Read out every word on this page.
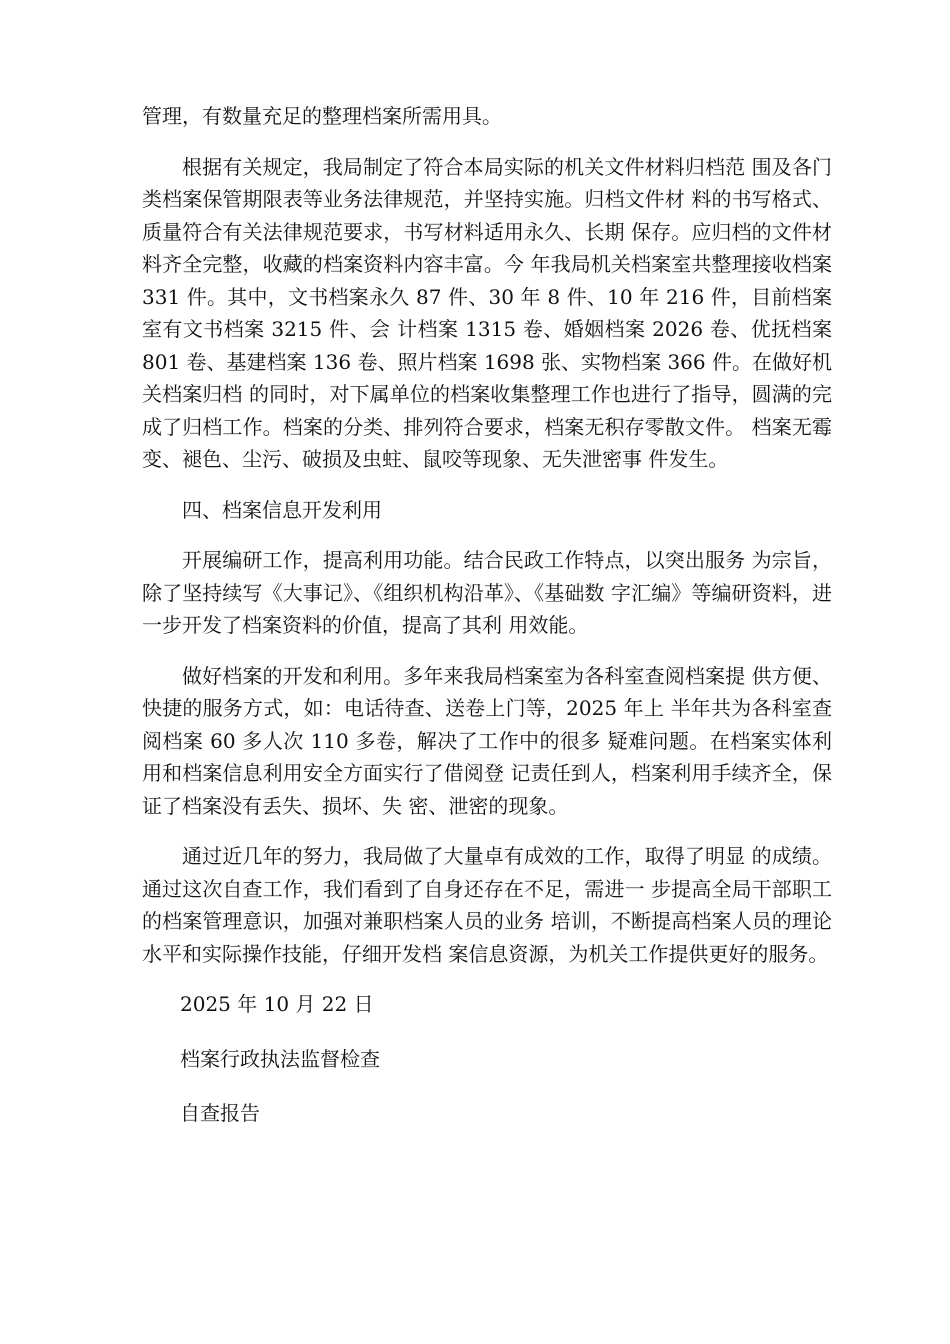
管理，有数量充足的整理档案所需用具。

根据有关规定，我局制定了符合本局实际的机关文件材料归档范 围及各门类档案保管期限表等业务法律规范，并坚持实施。归档文件材 料的书写格式、质量符合有关法律规范要求，书写材料适用永久、长期 保存。应归档的文件材料齐全完整，收藏的档案资料内容丰富。今 年我局机关档案室共整理接收档案 331 件。其中，文书档案永久 87 件、30 年 8 件、10 年 216 件，目前档案室有文书档案 3215 件、会 计档案 1315 卷、婚姻档案 2026 卷、优抚档案 801 卷、基建档案 136 卷、照片档案 1698 张、实物档案 366 件。在做好机关档案归档 的同时，对下属单位的档案收集整理工作也进行了指导，圆满的完 成了归档工作。档案的分类、排列符合要求，档案无积存零散文件。 档案无霉变、褪色、尘污、破损及虫蛀、鼠咬等现象、无失泄密事 件发生。

四、档案信息开发利用

开展编研工作，提高利用功能。结合民政工作特点，以突出服务 为宗旨，除了坚持续写《大事记》、《组织机构沿革》、《基础数 字汇编》等编研资料，进一步开发了档案资料的价值，提高了其利 用效能。

做好档案的开发和利用。多年来我局档案室为各科室查阅档案提 供方便、快捷的服务方式，如：电话待查、送卷上门等，2025 年上 半年共为各科室查阅档案 60 多人次 110 多卷，解决了工作中的很多 疑难问题。在档案实体利用和档案信息利用安全方面实行了借阅登 记责任到人，档案利用手续齐全，保证了档案没有丢失、损坏、失 密、泄密的现象。

通过近几年的努力，我局做了大量卓有成效的工作，取得了明显 的成绩。通过这次自查工作，我们看到了自身还存在不足，需进一 步提高全局干部职工的档案管理意识，加强对兼职档案人员的业务 培训，不断提高档案人员的理论水平和实际操作技能，仔细开发档 案信息资源，为机关工作提供更好的服务。

2025 年 10 月 22 日

档案行政执法监督检查

自查报告
